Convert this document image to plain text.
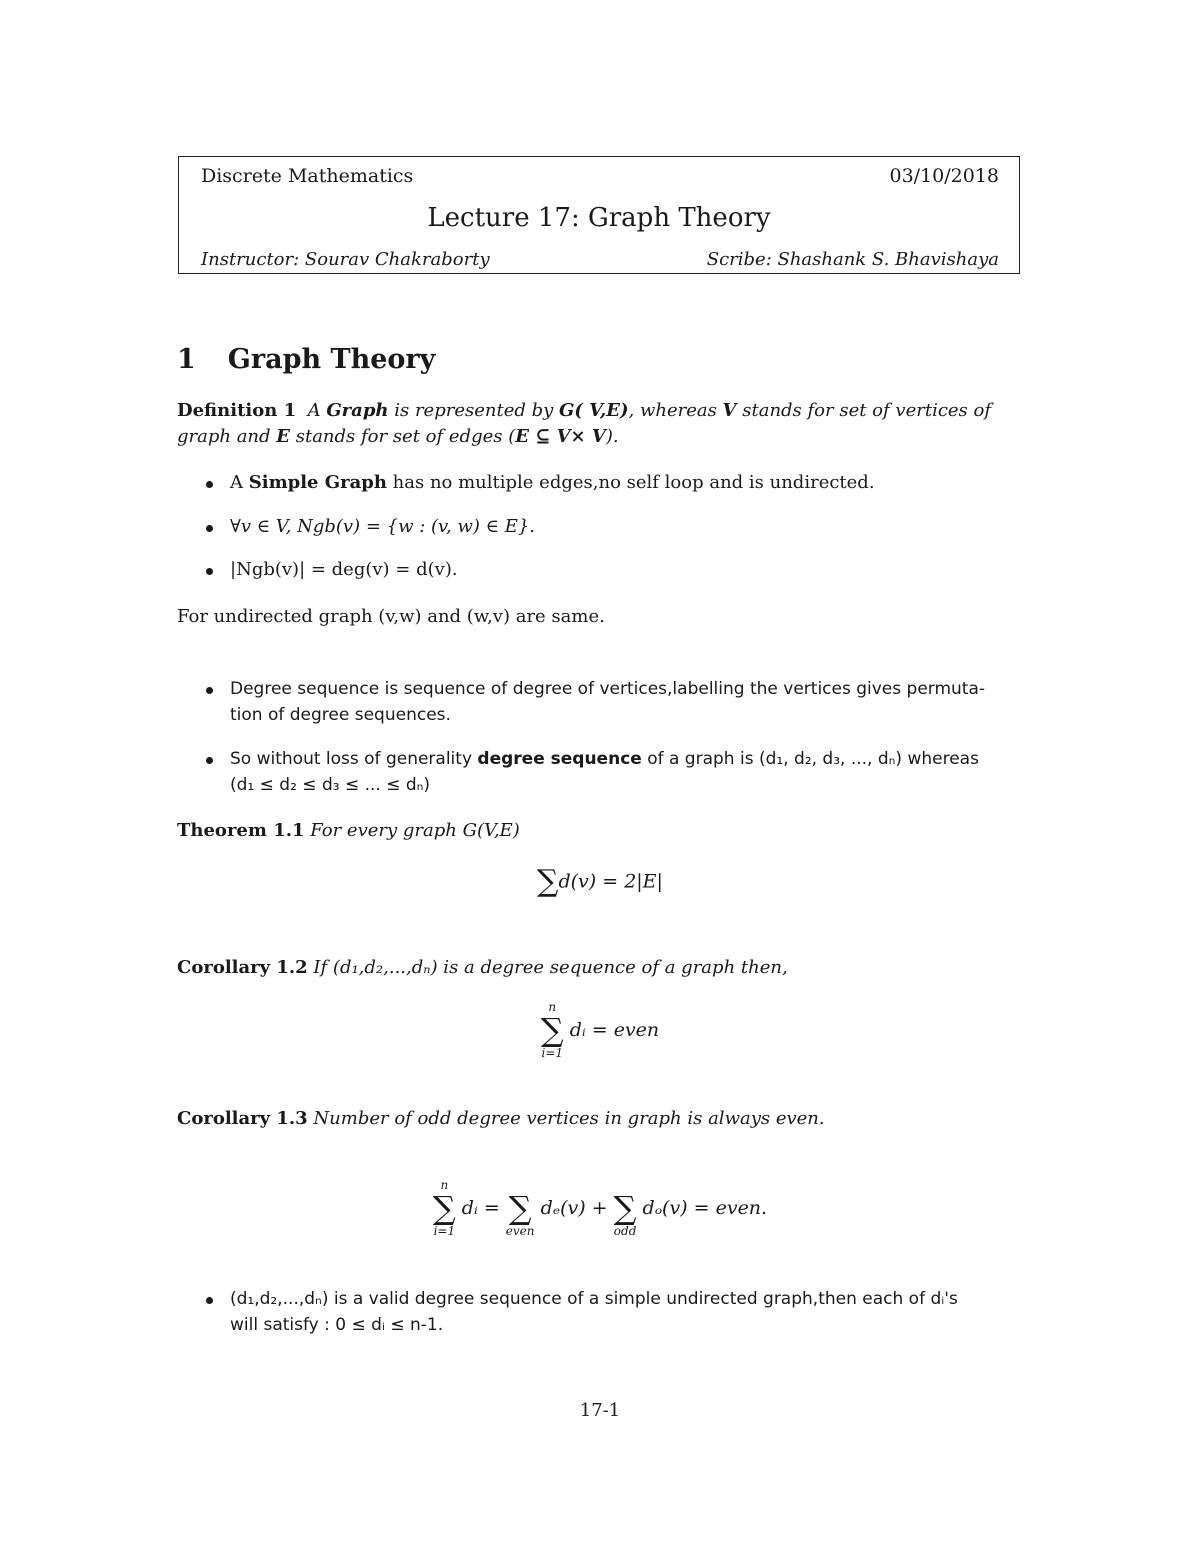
Discrete Mathematics	03/10/2018
Lecture 17: Graph Theory
Instructor: Sourav Chakraborty	Scribe: Shashank S. Bhavishaya
1 Graph Theory
Definition 1 A Graph is represented by G( V,E), whereas V stands for set of vertices of
graph and E stands for set of edges (E ⊆ V× V).
A Simple Graph has no multiple edges,no self loop and is undirected.
∀v ∈ V, Ngb(v) = {w : (v, w) ∈ E}.
|Ngb(v)| = deg(v) = d(v).
For undirected graph (v,w) and (w,v) are same.
Degree sequence is sequence of degree of vertices,labelling the vertices gives permuta-
tion of degree sequences.
So without loss of generality degree sequence of a graph is (d₁, d₂, d₃, ..., dₙ) whereas
(d₁ ≤ d₂ ≤ d₃ ≤ ... ≤ dₙ)
Theorem 1.1 For every graph G(V,E)
∑d(v) = 2|E|
Corollary 1.2 If (d₁,d₂,...,dₙ) is a degree sequence of a graph then,
n
∑
i=1
dᵢ = even
Corollary 1.3 Number of odd degree vertices in graph is always even.
n
∑
i=1
dᵢ =
∑
even
dₑ(v) +
∑
odd
dₒ(v) = even.
(d₁,d₂,...,dₙ) is a valid degree sequence of a simple undirected graph,then each of dᵢ's
will satisfy : 0 ≤ dᵢ ≤ n-1.
17-1
